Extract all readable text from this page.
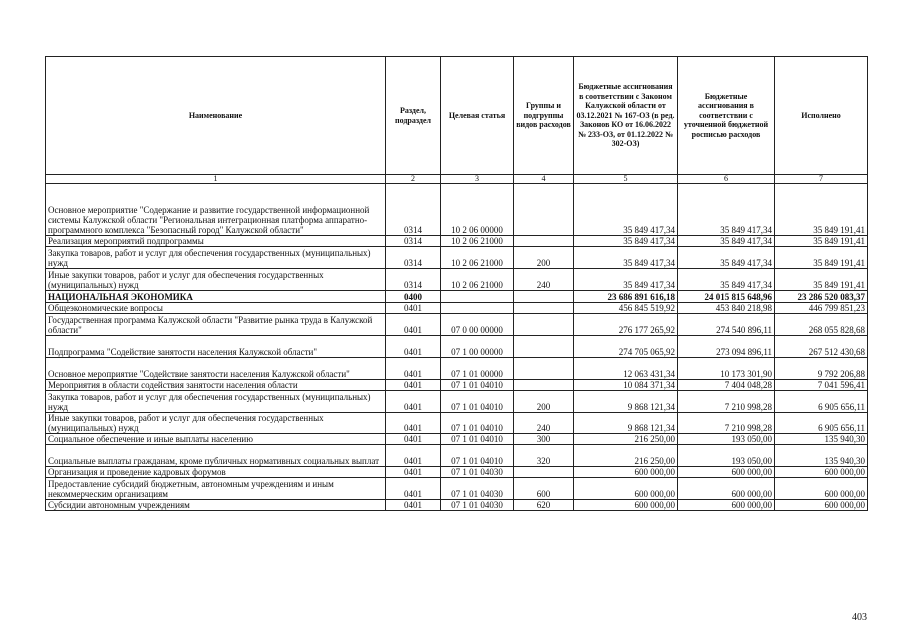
Наименование	Раздел, подраздел	Целевая статья	Группы и подгруппы видов расходов	Бюджетные ассигнования в соответствии с Законом Калужской области от 03.12.2021 № 167-ОЗ (в ред. Законов КО от 16.06.2022 № 233-ОЗ, от 01.12.2022 № 302-ОЗ)	Бюджетные ассигнования в соответствии с уточненной бюджетной росписью расходов	Исполнено
1	2	3	4	5	6	7
Основное мероприятие "Содержание и развитие государственной информационной системы Калужской области "Региональная интеграционная платформа аппаратно-программного комплекса "Безопасный город" Калужской области"	0314	10 2 06 00000		35 849 417,34	35 849 417,34	35 849 191,41
Реализация мероприятий подпрограммы	0314	10 2 06 21000		35 849 417,34	35 849 417,34	35 849 191,41
Закупка товаров, работ и услуг для обеспечения государственных (муниципальных) нужд	0314	10 2 06 21000	200	35 849 417,34	35 849 417,34	35 849 191,41
Иные закупки товаров, работ и услуг для обеспечения государственных (муниципальных) нужд	0314	10 2 06 21000	240	35 849 417,34	35 849 417,34	35 849 191,41
НАЦИОНАЛЬНАЯ ЭКОНОМИКА	0400			23 686 891 616,18	24 015 815 648,96	23 286 520 083,37
Общеэкономические вопросы	0401			456 845 519,92	453 840 218,98	446 799 851,23
Государственная программа Калужской области "Развитие рынка труда в Калужской области"	0401	07 0 00 00000		276 177 265,92	274 540 896,11	268 055 828,68
Подпрограмма "Содействие занятости населения Калужской области"	0401	07 1 00 00000		274 705 065,92	273 094 896,11	267 512 430,68
Основное мероприятие "Содействие занятости населения Калужской области"	0401	07 1 01 00000		12 063 431,34	10 173 301,90	9 792 206,88
Мероприятия в области содействия занятости населения области	0401	07 1 01 04010		10 084 371,34	7 404 048,28	7 041 596,41
Закупка товаров, работ и услуг для обеспечения государственных (муниципальных) нужд	0401	07 1 01 04010	200	9 868 121,34	7 210 998,28	6 905 656,11
Иные закупки товаров, работ и услуг для обеспечения государственных (муниципальных) нужд	0401	07 1 01 04010	240	9 868 121,34	7 210 998,28	6 905 656,11
Социальное обеспечение и иные выплаты населению	0401	07 1 01 04010	300	216 250,00	193 050,00	135 940,30
Социальные выплаты гражданам, кроме публичных нормативных социальных выплат	0401	07 1 01 04010	320	216 250,00	193 050,00	135 940,30
Организация и проведение кадровых форумов	0401	07 1 01 04030		600 000,00	600 000,00	600 000,00
Предоставление субсидий бюджетным, автономным учреждениям и иным некоммерческим организациям	0401	07 1 01 04030	600	600 000,00	600 000,00	600 000,00
Субсидии автономным учреждениям	0401	07 1 01 04030	620	600 000,00	600 000,00	600 000,00
403
